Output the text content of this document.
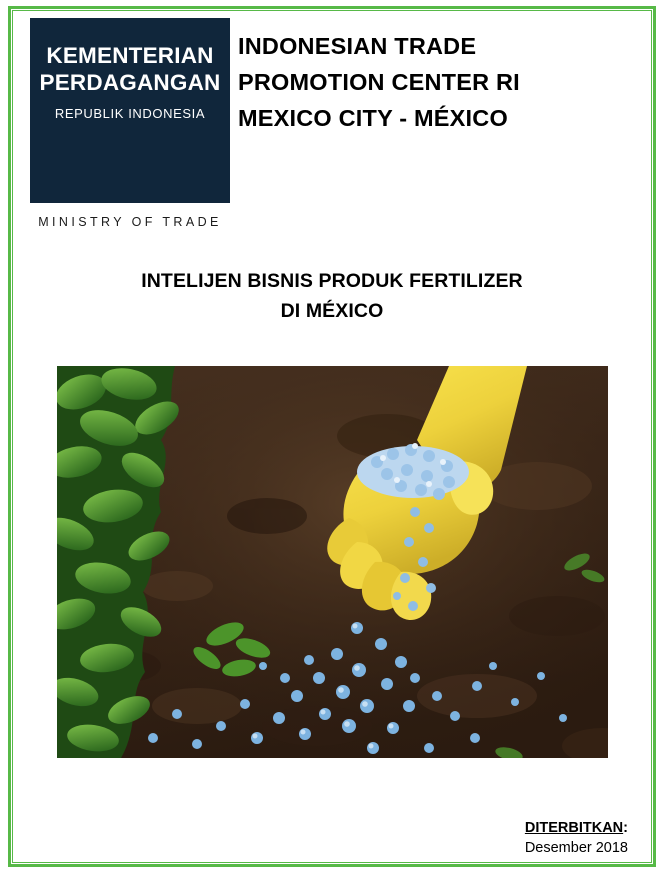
KEMENTERIAN
PERDAGANGAN
REPUBLIK INDONESIA
MINISTRY OF TRADE
INDONESIAN TRADE
PROMOTION CENTER RI
MEXICO CITY - MÉXICO
INTELIJEN BISNIS PRODUK FERTILIZER
DI MÉXICO
DITERBITKAN:
Desember 2018
